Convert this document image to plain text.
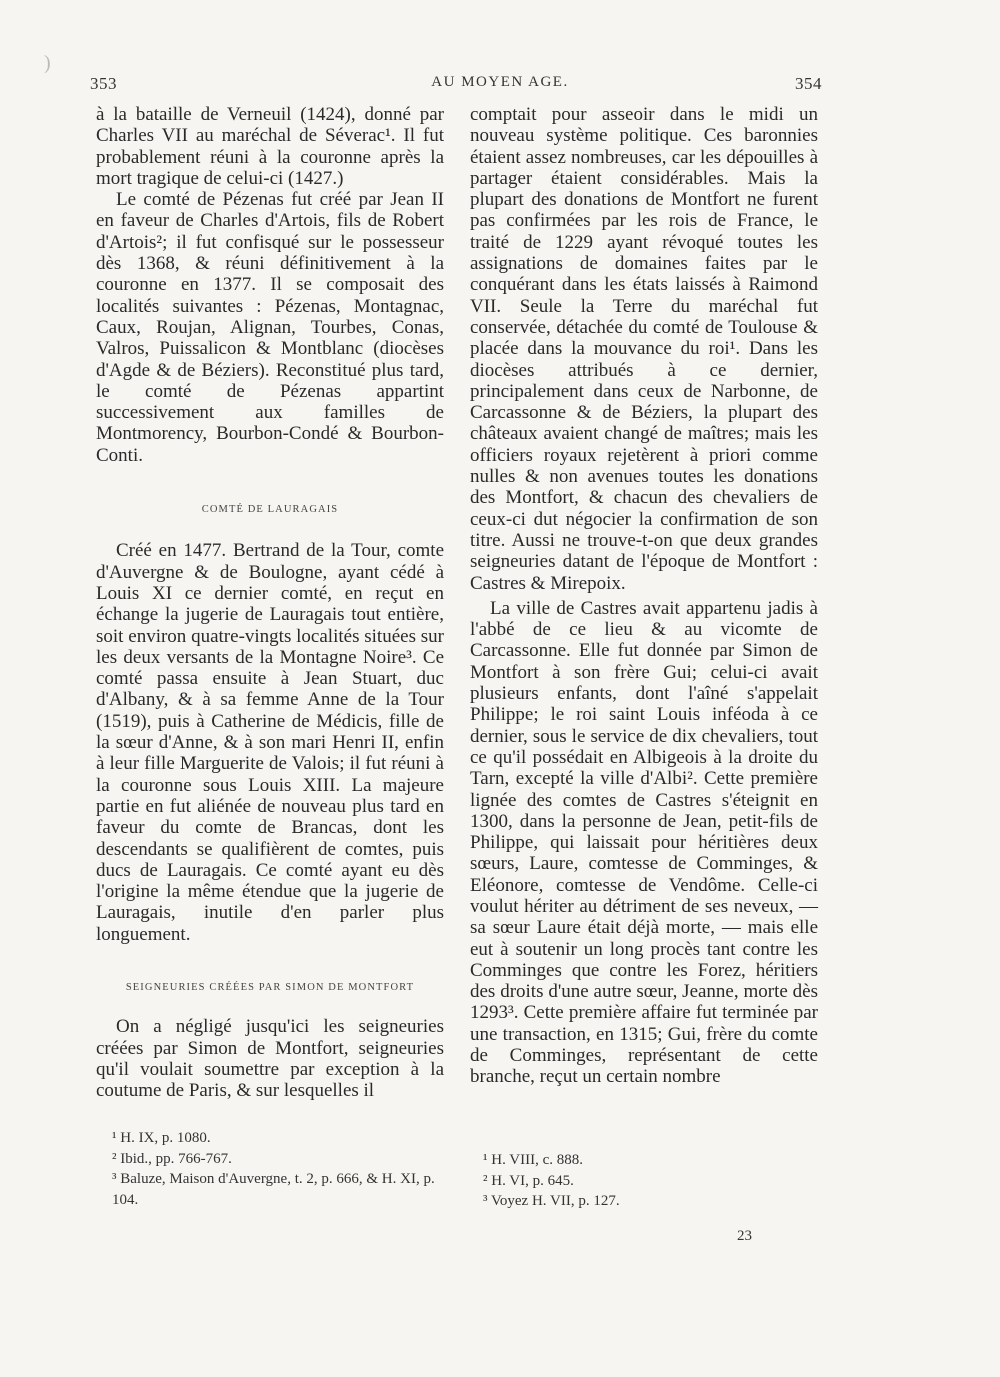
)
353	AU MOYEN AGE.	354

à la bataille de Verneuil (1424), donné par Charles VII au maréchal de Séverac¹. Il fut probablement réuni à la couronne après la mort tragique de celui-ci (1427.)

Le comté de Pézenas fut créé par Jean II en faveur de Charles d'Artois, fils de Robert d'Artois²; il fut confisqué sur le possesseur dès 1368, & réuni définitivement à la couronne en 1377. Il se composait des localités suivantes : Pézenas, Montagnac, Caux, Roujan, Alignan, Tourbes, Conas, Valros, Puissalicon & Montblanc (diocèses d'Agde & de Béziers). Reconstitué plus tard, le comté de Pézenas appartint successivement aux familles de Montmorency, Bourbon-Condé & Bourbon-Conti.

COMTÉ DE LAURAGAIS

Créé en 1477. Bertrand de la Tour, comte d'Auvergne & de Boulogne, ayant cédé à Louis XI ce dernier comté, en reçut en échange la jugerie de Lauragais tout entière, soit environ quatre-vingts localités situées sur les deux versants de la Montagne Noire³. Ce comté passa ensuite à Jean Stuart, duc d'Albany, & à sa femme Anne de la Tour (1519), puis à Catherine de Médicis, fille de la sœur d'Anne, & à son mari Henri II, enfin à leur fille Marguerite de Valois; il fut réuni à la couronne sous Louis XIII. La majeure partie en fut aliénée de nouveau plus tard en faveur du comte de Brancas, dont les descendants se qualifièrent de comtes, puis ducs de Lauragais. Ce comté ayant eu dès l'origine la même étendue que la jugerie de Lauragais, inutile d'en parler plus longuement.

SEIGNEURIES CRÉÉES PAR SIMON DE MONTFORT

On a négligé jusqu'ici les seigneuries créées par Simon de Montfort, seigneuries qu'il voulait soumettre par exception à la coutume de Paris, & sur lesquelles il

comptait pour asseoir dans le midi un nouveau système politique. Ces baronnies étaient assez nombreuses, car les dépouilles à partager étaient considérables. Mais la plupart des donations de Montfort ne furent pas confirmées par les rois de France, le traité de 1229 ayant révoqué toutes les assignations de domaines faites par le conquérant dans les états laissés à Raimond VII. Seule la Terre du maréchal fut conservée, détachée du comté de Toulouse & placée dans la mouvance du roi¹. Dans les diocèses attribués à ce dernier, principalement dans ceux de Narbonne, de Carcassonne & de Béziers, la plupart des châteaux avaient changé de maîtres; mais les officiers royaux rejetèrent à priori comme nulles & non avenues toutes les donations des Montfort, & chacun des chevaliers de ceux-ci dut négocier la confirmation de son titre. Aussi ne trouve-t-on que deux grandes seigneuries datant de l'époque de Montfort : Castres & Mirepoix.

La ville de Castres avait appartenu jadis à l'abbé de ce lieu & au vicomte de Carcassonne. Elle fut donnée par Simon de Montfort à son frère Gui; celui-ci avait plusieurs enfants, dont l'aîné s'appelait Philippe; le roi saint Louis inféoda à ce dernier, sous le service de dix chevaliers, tout ce qu'il possédait en Albigeois à la droite du Tarn, excepté la ville d'Albi². Cette première lignée des comtes de Castres s'éteignit en 1300, dans la personne de Jean, petit-fils de Philippe, qui laissait pour héritières deux sœurs, Laure, comtesse de Comminges, & Eléonore, comtesse de Vendôme. Celle-ci voulut hériter au détriment de ses neveux, — sa sœur Laure était déjà morte, — mais elle eut à soutenir un long procès tant contre les Comminges que contre les Forez, héritiers des droits d'une autre sœur, Jeanne, morte dès 1293³. Cette première affaire fut terminée par une transaction, en 1315; Gui, frère du comte de Comminges, représentant de cette branche, reçut un certain nombre

¹ H. IX, p. 1080.

² Ibid., pp. 766-767.

³ Baluze, Maison d'Auvergne, t. 2, p. 666, & H. XI, p. 104.

¹ H. VIII, c. 888.

² H. VI, p. 645.

³ Voyez H. VII, p. 127.

23
